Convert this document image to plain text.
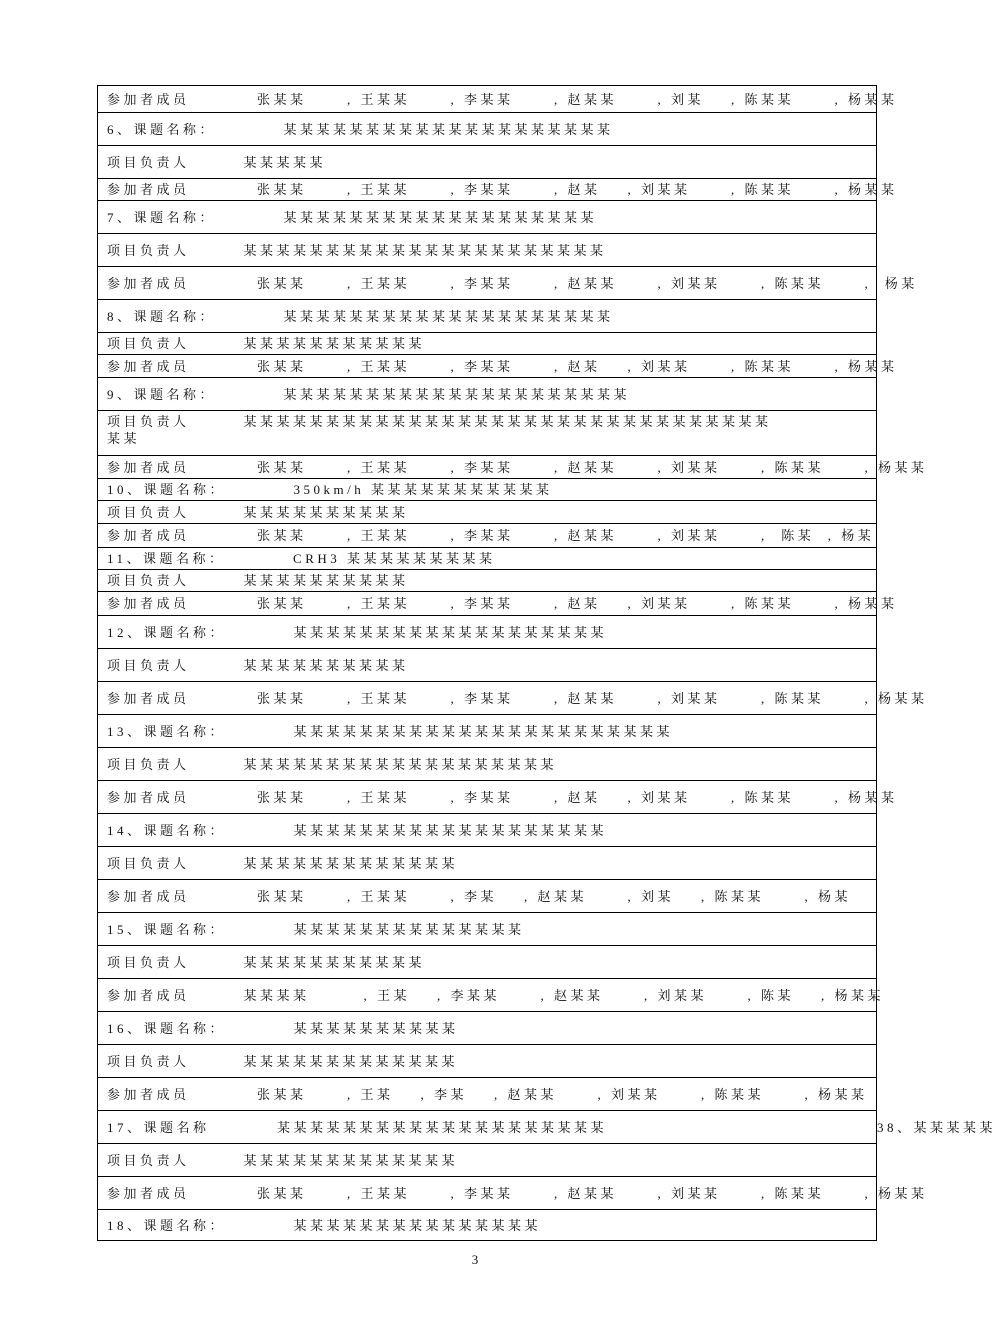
参加者成员          张某某      , 王某某      , 李某某      , 赵某某      , 刘某    , 陈某某      , 杨某某
6、课题名称：          某某某某某某某某某某某某某某某某某某某某
项目负责人        某某某某某
参加者成员          张某某      , 王某某      , 李某某      , 赵某    , 刘某某      , 陈某某      , 杨某某
7、课题名称：          某某某某某某某某某某某某某某某某某某某
项目负责人        某某某某某某某某某某某某某某某某某某某某某某
参加者成员          张某某      , 王某某      , 李某某      , 赵某某      , 刘某某      , 陈某某      ,  杨某
8、课题名称：          某某某某某某某某某某某某某某某某某某某某
项目负责人        某某某某某某某某某某某
参加者成员          张某某      , 王某某      , 李某某      , 赵某    , 刘某某      , 陈某某      , 杨某某
9、课题名称：          某某某某某某某某某某某某某某某某某某某某某
项目负责人        某某某某某某某某某某某某某某某某某某某某某某某某某某某某某某某某
某某
参加者成员          张某某      , 王某某      , 李某某      , 赵某某      , 刘某某      , 陈某某      , 杨某某
10、课题名称：          350km/h 某某某某某某某某某某某
项目负责人        某某某某某某某某某某
参加者成员          张某某      , 王某某      , 李某某      , 赵某某      , 刘某某      ,  陈某  , 杨某
11、课题名称：          CRH3 某某某某某某某某某
项目负责人        某某某某某某某某某某
参加者成员          张某某      , 王某某      , 李某某      , 赵某    , 刘某某      , 陈某某      , 杨某某
12、课题名称：          某某某某某某某某某某某某某某某某某某某
项目负责人        某某某某某某某某某某
参加者成员          张某某      , 王某某      , 李某某      , 赵某某      , 刘某某      , 陈某某      , 杨某某
13、课题名称：          某某某某某某某某某某某某某某某某某某某某某某某
项目负责人        某某某某某某某某某某某某某某某某某某某
参加者成员          张某某      , 王某某      , 李某某      , 赵某    , 刘某某      , 陈某某      , 杨某某
14、课题名称：          某某某某某某某某某某某某某某某某某某某
项目负责人        某某某某某某某某某某某某某
参加者成员          张某某      , 王某某      , 李某    , 赵某某      , 刘某    , 陈某某      , 杨某
15、课题名称：          某某某某某某某某某某某某某某
项目负责人        某某某某某某某某某某某
参加者成员        某某某某        , 王某    , 李某某      , 赵某某      , 刘某某      , 陈某    , 杨某某
16、课题名称：          某某某某某某某某某某
项目负责人        某某某某某某某某某某某某某
参加者成员          张某某      , 王某    , 李某    , 赵某某      , 刘某某      , 陈某某      , 杨某某
17、课题名称          某某某某某某某某某某某某某某某某某某某某                                        38、某某某某某
项目负责人        某某某某某某某某某某某某某
参加者成员          张某某      , 王某某      , 李某某      , 赵某某      , 刘某某      , 陈某某      , 杨某某
18、课题名称：          某某某某某某某某某某某某某某某
3
